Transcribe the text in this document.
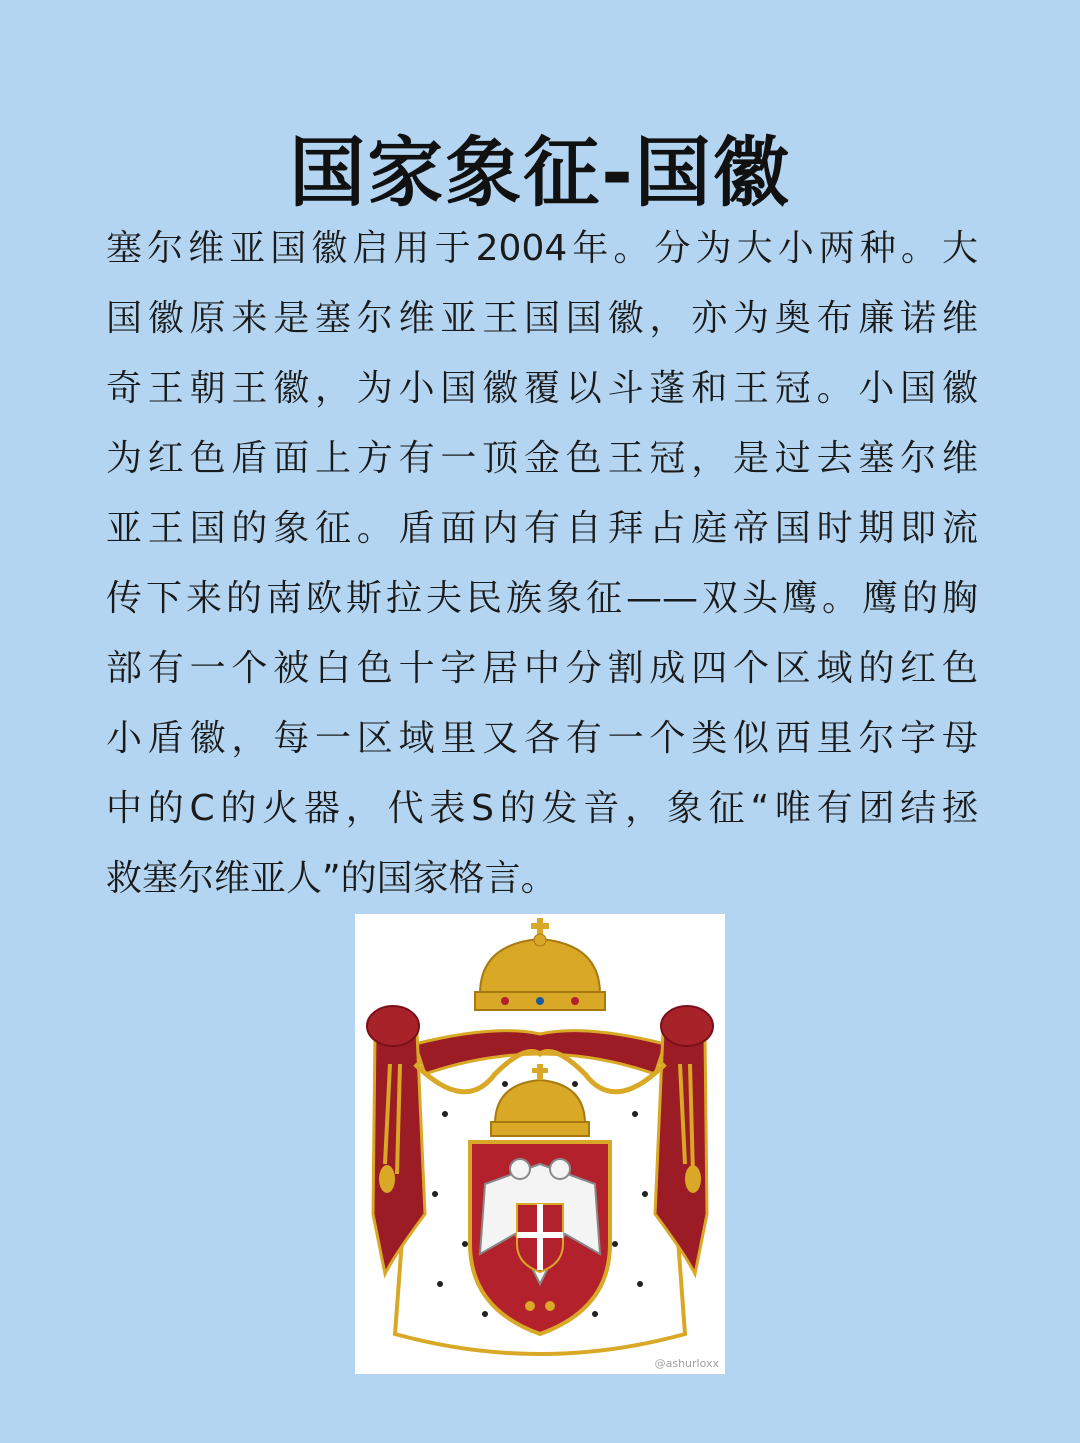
国家象征-国徽
塞尔维亚国徽启用于2004年。分为大小两种。大
国徽原来是塞尔维亚王国国徽，亦为奥布廉诺维
奇王朝王徽，为小国徽覆以斗蓬和王冠。小国徽
为红色盾面上方有一顶金色王冠，是过去塞尔维
亚王国的象征。盾面内有自拜占庭帝国时期即流
传下来的南欧斯拉夫民族象征——双头鹰。鹰的胸
部有一个被白色十字居中分割成四个区域的红色
小盾徽，每一区域里又各有一个类似西里尔字母
中的C的火器，代表S的发音，象征“唯有团结拯
救塞尔维亚人”的国家格言。
@ashurloxx
